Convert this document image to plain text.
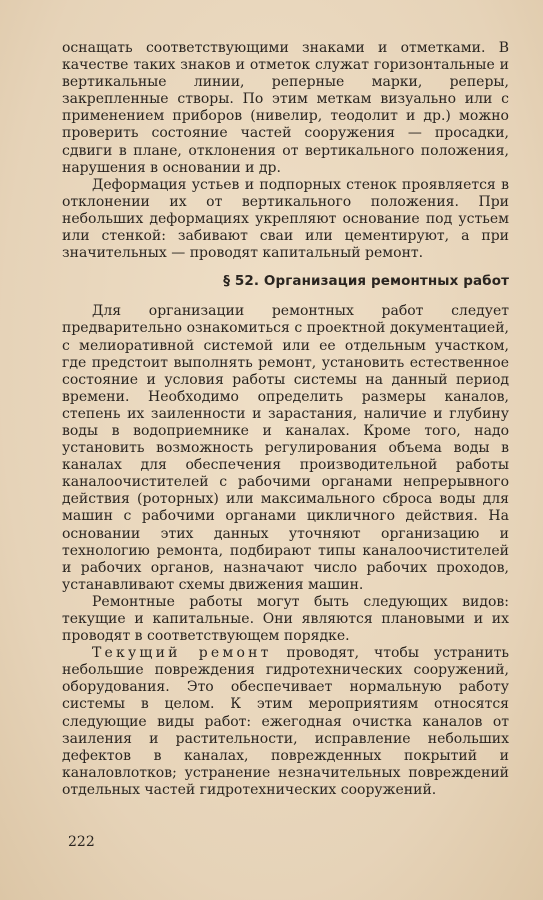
оснащать соответствующими знаками и отметками. В качестве таких знаков и отметок служат горизонтальные и вертикальные линии, реперные марки, реперы, закрепленные створы. По этим меткам визуально или с применением приборов (нивелир, теодолит и др.) можно проверить состояние частей сооружения — просадки, сдвиги в плане, отклонения от вертикального положения, нарушения в основании и др.

Деформация устьев и подпорных стенок проявляется в отклонении их от вертикального положения. При небольших деформациях укрепляют основание под устьем или стенкой: забивают сваи или цементируют, а при значительных — проводят капитальный ремонт.

§ 52. Организация ремонтных работ

Для организации ремонтных работ следует предварительно ознакомиться с проектной документацией, с мелиоративной системой или ее отдельным участком, где предстоит выполнять ремонт, установить естественное состояние и условия работы системы на данный период времени. Необходимо определить размеры каналов, степень их заиленности и зарастания, наличие и глубину воды в водоприемнике и каналах. Кроме того, надо установить возможность регулирования объема воды в каналах для обеспечения производительной работы каналоочистителей с рабочими органами непрерывного действия (роторных) или максимального сброса воды для машин с рабочими органами цикличного действия. На основании этих данных уточняют организацию и технологию ремонта, подбирают типы каналоочистителей и рабочих органов, назначают число рабочих проходов, устанавливают схемы движения машин.

Ремонтные работы могут быть следующих видов: текущие и капитальные. Они являются плановыми и их проводят в соответствующем порядке.

Текущий ремонт проводят, чтобы устранить небольшие повреждения гидротехнических сооружений, оборудования. Это обеспечивает нормальную работу системы в целом. К этим мероприятиям относятся следующие виды работ: ежегодная очистка каналов от заиления и растительности, исправление небольших дефектов в каналах, поврежденных покрытий и каналовлотков; устранение незначительных повреждений отдельных частей гидротехнических сооружений.

222
